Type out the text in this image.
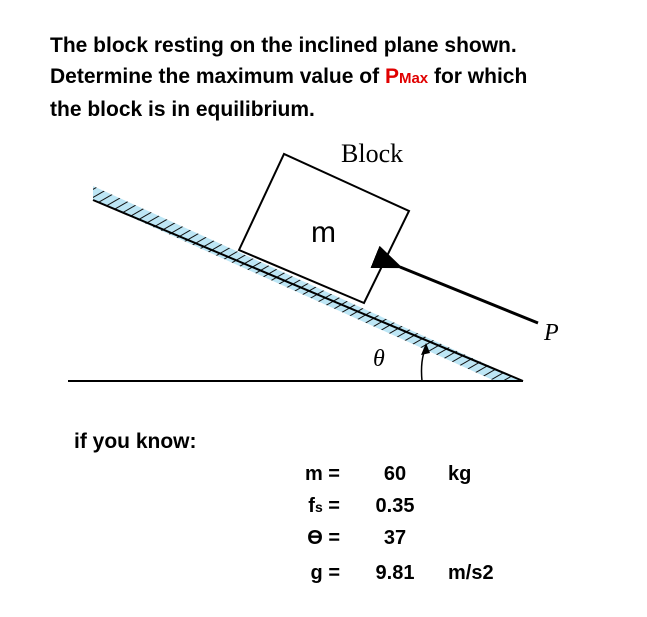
The block resting on the inclined plane shown.
Determine the maximum value of PMax for which
the block is in equilibrium.
Block
m
θ
P
if you know:
m =	60	kg
fs =	0.35
ϴ =	37
g =	9.81	m/s2
